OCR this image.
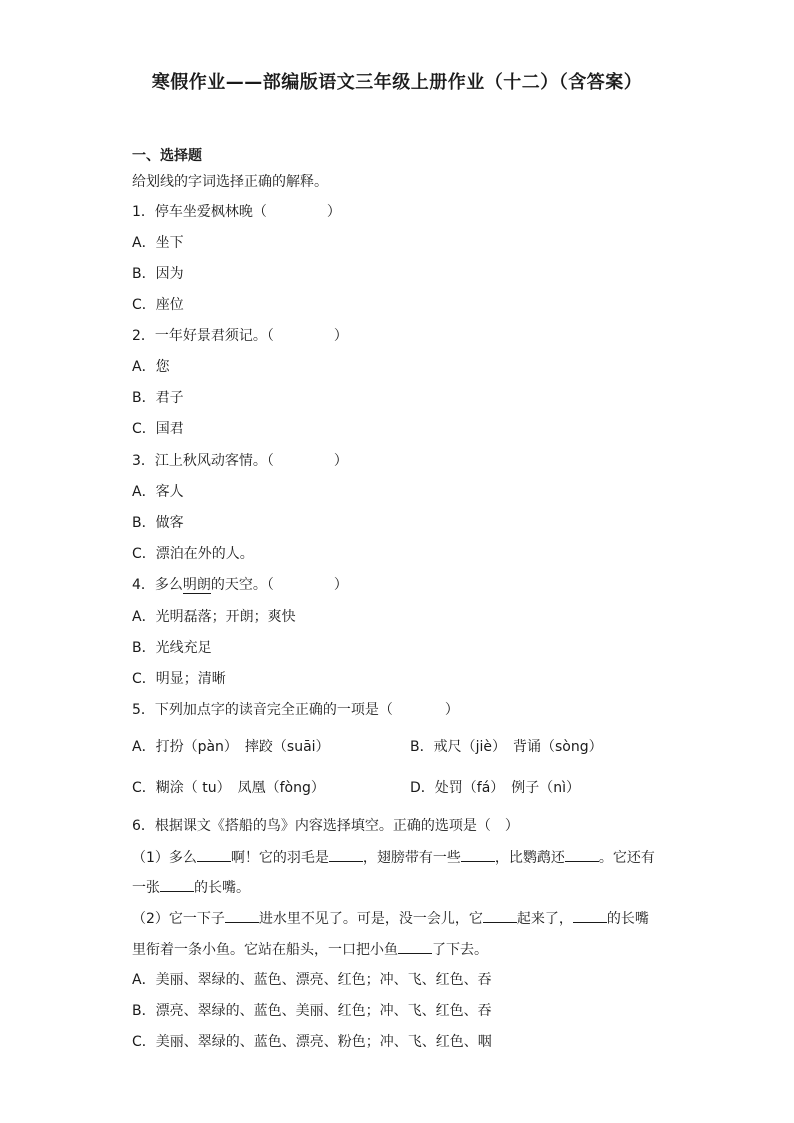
寒假作业——部编版语文三年级上册作业（十二）（含答案）
一、选择题
给划线的字词选择正确的解释。
1．停车坐爱枫林晚（	）
A．坐下
B．因为
C．座位
2．一年好景君须记。（	）
A．您
B．君子
C．国君
3．江上秋风动客情。（	）
A．客人
B．做客
C．漂泊在外的人。
4．多么明朗的天空。（	）
A．光明磊落；开朗；爽快
B．光线充足
C．明显；清晰
5．下列加点字的读音完全正确的一项是（	）
A．打扮（pàn）　摔跤（suāi）	B．戒尺（jiè）　背诵（sòng）
C．糊涂（ tu）　凤凰（fòng）	D．处罚（fá）　例子（nì）
6．根据课文《搭船的鸟》内容选择填空。正确的选项是（　）
（1）多么 啊！它的羽毛是 ，翅膀带有一些 ，比鹦鹉还 。它还有
一张 的长嘴。
（2）它一下子 进水里不见了。可是，没一会儿，它 起来了， 的长嘴
里衔着一条小鱼。它站在船头，一口把小鱼 了下去。
A．美丽、翠绿的、蓝色、漂亮、红色；冲、飞、红色、吞
B．漂亮、翠绿的、蓝色、美丽、红色；冲、飞、红色、吞
C．美丽、翠绿的、蓝色、漂亮、粉色；冲、飞、红色、咽
